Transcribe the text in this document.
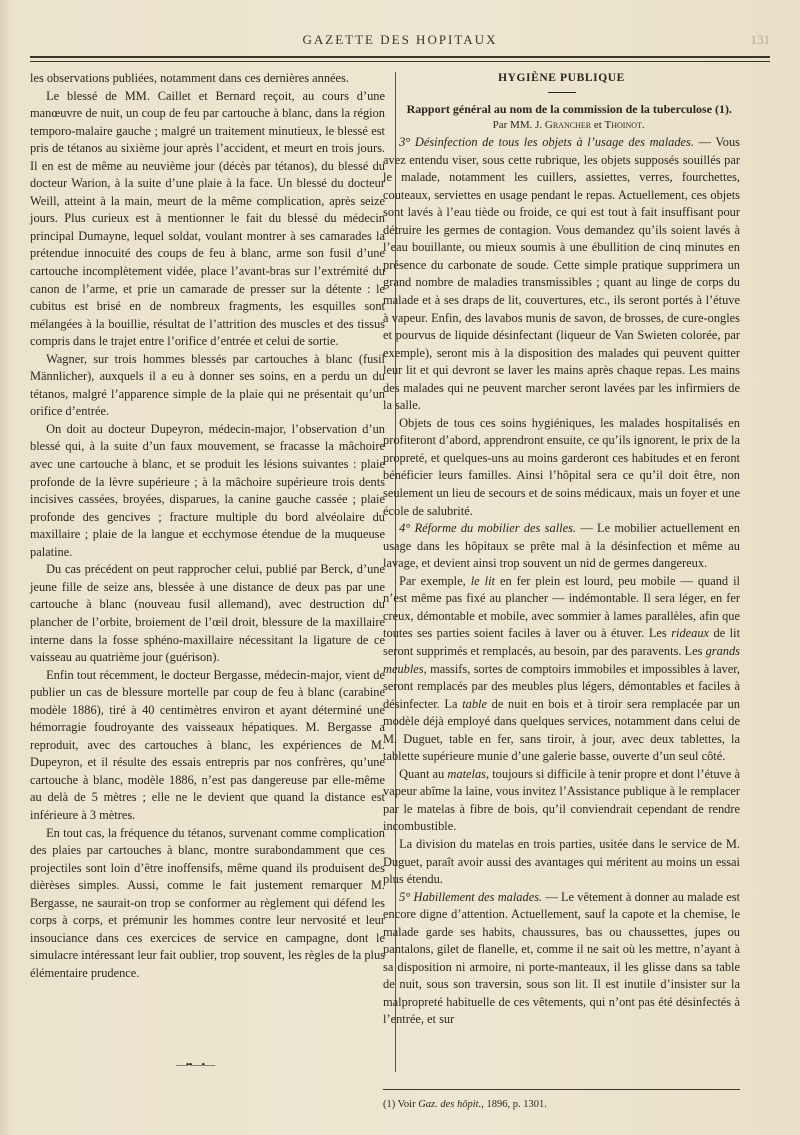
GAZETTE DES HOPITAUX	131

les observations publiées, notamment dans ces dernières années.

Le blessé de MM. Caillet et Bernard reçoit, au cours d’une manœuvre de nuit, un coup de feu par cartouche à blanc, dans la région temporo-malaire gauche ; malgré un traitement minutieux, le blessé est pris de tétanos au sixième jour après l’accident, et meurt en trois jours. Il en est de même au neuvième jour (décès par tétanos), du blessé du docteur Warion, à la suite d’une plaie à la face. Un blessé du docteur Weill, atteint à la main, meurt de la même complication, après seize jours. Plus curieux est à mentionner le fait du blessé du médecin principal Dumayne, lequel soldat, voulant montrer à ses camarades la prétendue innocuité des coups de feu à blanc, arme son fusil d’une cartouche incomplètement vidée, place l’avant-bras sur l’extrémité du canon de l’arme, et prie un camarade de presser sur la détente : le cubitus est brisé en de nombreux fragments, les esquilles sont mélangées à la bouillie, résultat de l’attrition des muscles et des tissus compris dans le trajet entre l’orifice d’entrée et celui de sortie.

Wagner, sur trois hommes blessés par cartouches à blanc (fusil Männlicher), auxquels il a eu à donner ses soins, en a perdu un du tétanos, malgré l’apparence simple de la plaie qui ne présentait qu’un orifice d’entrée.

On doit au docteur Dupeyron, médecin-major, l’observation d’un blessé qui, à la suite d’un faux mouvement, se fracasse la mâchoire avec une cartouche à blanc, et se produit les lésions suivantes : plaie profonde de la lèvre supérieure ; à la mâchoire supérieure trois dents incisives cassées, broyées, disparues, la canine gauche cassée ; plaie profonde des gencives ; fracture multiple du bord alvéolaire du maxillaire ; plaie de la langue et ecchymose étendue de la muqueuse palatine.

Du cas précédent on peut rapprocher celui, publié par Berck, d’une jeune fille de seize ans, blessée à une distance de deux pas par une cartouche à blanc (nouveau fusil allemand), avec destruction du plancher de l’orbite, broiement de l’œil droit, blessure de la maxillaire interne dans la fosse sphéno-maxillaire nécessitant la ligature de ce vaisseau au quatrième jour (guérison).

Enfin tout récemment, le docteur Bergasse, médecin-major, vient de publier un cas de blessure mortelle par coup de feu à blanc (carabine modèle 1886), tiré à 40 centimètres environ et ayant déterminé une hémorragie foudroyante des vaisseaux hépatiques. M. Bergasse a reproduit, avec des cartouches à blanc, les expériences de M. Dupeyron, et il résulte des essais entrepris par nos confrères, qu’une cartouche à blanc, modèle 1886, n’est pas dangereuse par elle-même au delà de 5 mètres ; elle ne le devient que quand la distance est inférieure à 3 mètres.

En tout cas, la fréquence du tétanos, survenant comme complication des plaies par cartouches à blanc, montre surabondamment que ces projectiles sont loin d’être inoffensifs, même quand ils produisent des dièrèses simples. Aussi, comme le fait justement remarquer M. Bergasse, ne saurait-on trop se conformer au règlement qui défend les corps à corps, et prémunir les hommes contre leur nervosité et leur insouciance dans ces exercices de service en campagne, dont le simulacre intéressant leur fait oublier, trop souvent, les règles de la plus élémentaire prudence.

—••—•—

HYGIÈNE PUBLIQUE

Rapport général au nom de la commission de la tuberculose (1).

Par MM. J. Grancher et Thoinot.

3° Désinfection de tous les objets à l’usage des malades. — Vous avez entendu viser, sous cette rubrique, les objets supposés souillés par le malade, notamment les cuillers, assiettes, verres, fourchettes, couteaux, serviettes en usage pendant le repas. Actuellement, ces objets sont lavés à l’eau tiède ou froide, ce qui est tout à fait insuffisant pour détruire les germes de contagion. Vous demandez qu’ils soient lavés à l’eau bouillante, ou mieux soumis à une ébullition de cinq minutes en présence du carbonate de soude. Cette simple pratique supprimera un grand nombre de maladies transmissibles ; quant au linge de corps du malade et à ses draps de lit, couvertures, etc., ils seront portés à l’étuve à vapeur. Enfin, des lavabos munis de savon, de brosses, de cure-ongles et pourvus de liquide désinfectant (liqueur de Van Swieten colorée, par exemple), seront mis à la disposition des malades qui peuvent quitter leur lit et qui devront se laver les mains après chaque repas. Les mains des malades qui ne peuvent marcher seront lavées par les infirmiers de la salle.

Objets de tous ces soins hygiéniques, les malades hospitalisés en profiteront d’abord, apprendront ensuite, ce qu’ils ignorent, le prix de la propreté, et quelques-uns au moins garderont ces habitudes et en feront bénéficier leurs familles. Ainsi l’hôpital sera ce qu’il doit être, non seulement un lieu de secours et de soins médicaux, mais un foyer et une école de salubrité.

4° Réforme du mobilier des salles. — Le mobilier actuellement en usage dans les hôpitaux se prête mal à la désinfection et même au lavage, et devient ainsi trop souvent un nid de germes dangereux.

Par exemple, le lit en fer plein est lourd, peu mobile — quand il n’est même pas fixé au plancher — indémontable. Il sera léger, en fer creux, démontable et mobile, avec sommier à lames parallèles, afin que toutes ses parties soient faciles à laver ou à étuver. Les rideaux de lit seront supprimés et remplacés, au besoin, par des paravents. Les grands meubles, massifs, sortes de comptoirs immobiles et impossibles à laver, seront remplacés par des meubles plus légers, démontables et faciles à désinfecter. La table de nuit en bois et à tiroir sera remplacée par un modèle déjà employé dans quelques services, notamment dans celui de M. Duguet, table en fer, sans tiroir, à jour, avec deux tablettes, la tablette supérieure munie d’une galerie basse, ouverte d’un seul côté.

Quant au matelas, toujours si difficile à tenir propre et dont l’étuve à vapeur abîme la laine, vous invitez l’Assistance publique à le remplacer par le matelas à fibre de bois, qu’il conviendrait cependant de rendre incombustible.

La division du matelas en trois parties, usitée dans le service de M. Duguet, paraît avoir aussi des avantages qui méritent au moins un essai plus étendu.

5° Habillement des malades. — Le vêtement à donner au malade est encore digne d’attention. Actuellement, sauf la capote et la chemise, le malade garde ses habits, chaussures, bas ou chaussettes, jupes ou pantalons, gilet de flanelle, et, comme il ne sait où les mettre, n’ayant à sa disposition ni armoire, ni porte-manteaux, il les glisse dans sa table de nuit, sous son traversin, sous son lit. Il est inutile d’insister sur la malpropreté habituelle de ces vêtements, qui n’ont pas été désinfectés à l’entrée, et sur

(1) Voir Gaz. des hôpit., 1896, p. 1301.
